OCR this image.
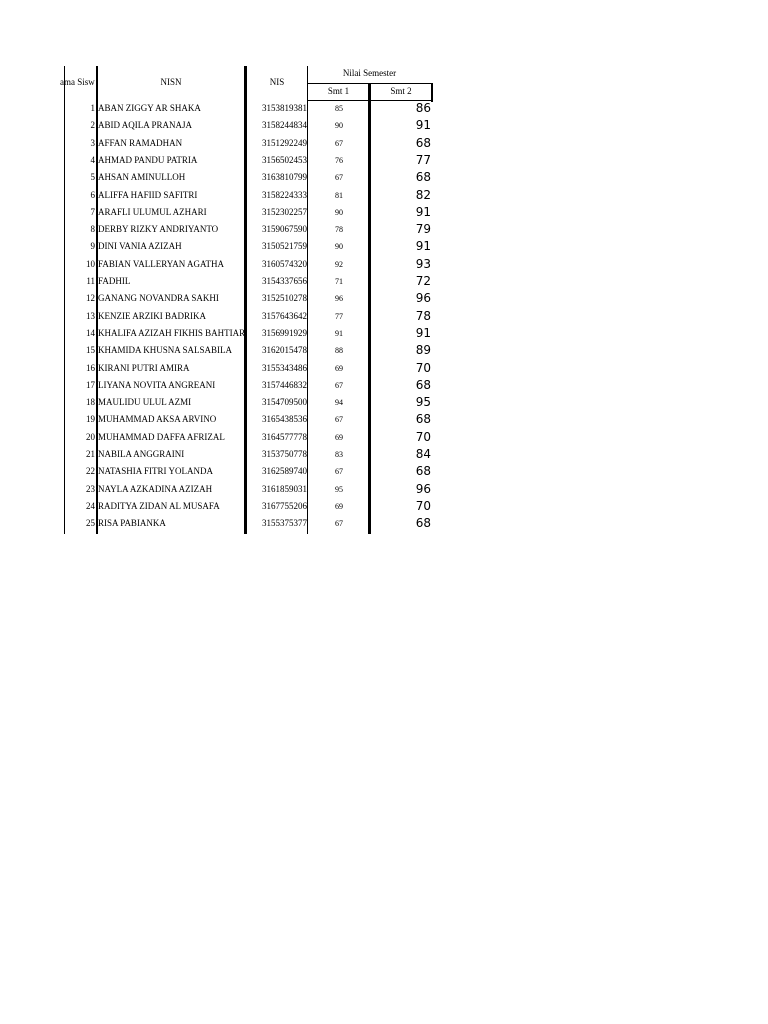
ama Sisw	NISN	NIS
Nilai Semester
Smt 1	Smt 2
1 ABAN ZIGGY AR SHAKA	3153819381	85	86
2 ABID AQILA PRANAJA	3158244834	90	91
3 AFFAN RAMADHAN	3151292249	67	68
4 AHMAD PANDU PATRIA	3156502453	76	77
5 AHSAN AMINULLOH	3163810799	67	68
6 ALIFFA HAFIID SAFITRI	3158224333	81	82
7 ARAFLI ULUMUL AZHARI	3152302257	90	91
8 DERBY RIZKY ANDRIYANTO	3159067590	78	79
9 DINI VANIA AZIZAH	3150521759	90	91
10 FABIAN VALLERYAN AGATHA	3160574320	92	93
11 FADHIL	3154337656	71	72
12 GANANG NOVANDRA SAKHI	3152510278	96	96
13 KENZIE ARZIKI BADRIKA	3157643642	77	78
14 KHALIFA AZIZAH FIKHIS BAHTIAR	3156991929	91	91
15 KHAMIDA KHUSNA SALSABILA	3162015478	88	89
16 KIRANI PUTRI AMIRA	3155343486	69	70
17 LIYANA NOVITA ANGREANI	3157446832	67	68
18 MAULIDU ULUL AZMI	3154709500	94	95
19 MUHAMMAD AKSA ARVINO	3165438536	67	68
20 MUHAMMAD DAFFA AFRIZAL	3164577778	69	70
21 NABILA ANGGRAINI	3153750778	83	84
22 NATASHIA FITRI YOLANDA	3162589740	67	68
23 NAYLA AZKADINA AZIZAH	3161859031	95	96
24 RADITYA ZIDAN AL MUSAFA	3167755206	69	70
25 RISA PABIANKA	3155375377	67	68
